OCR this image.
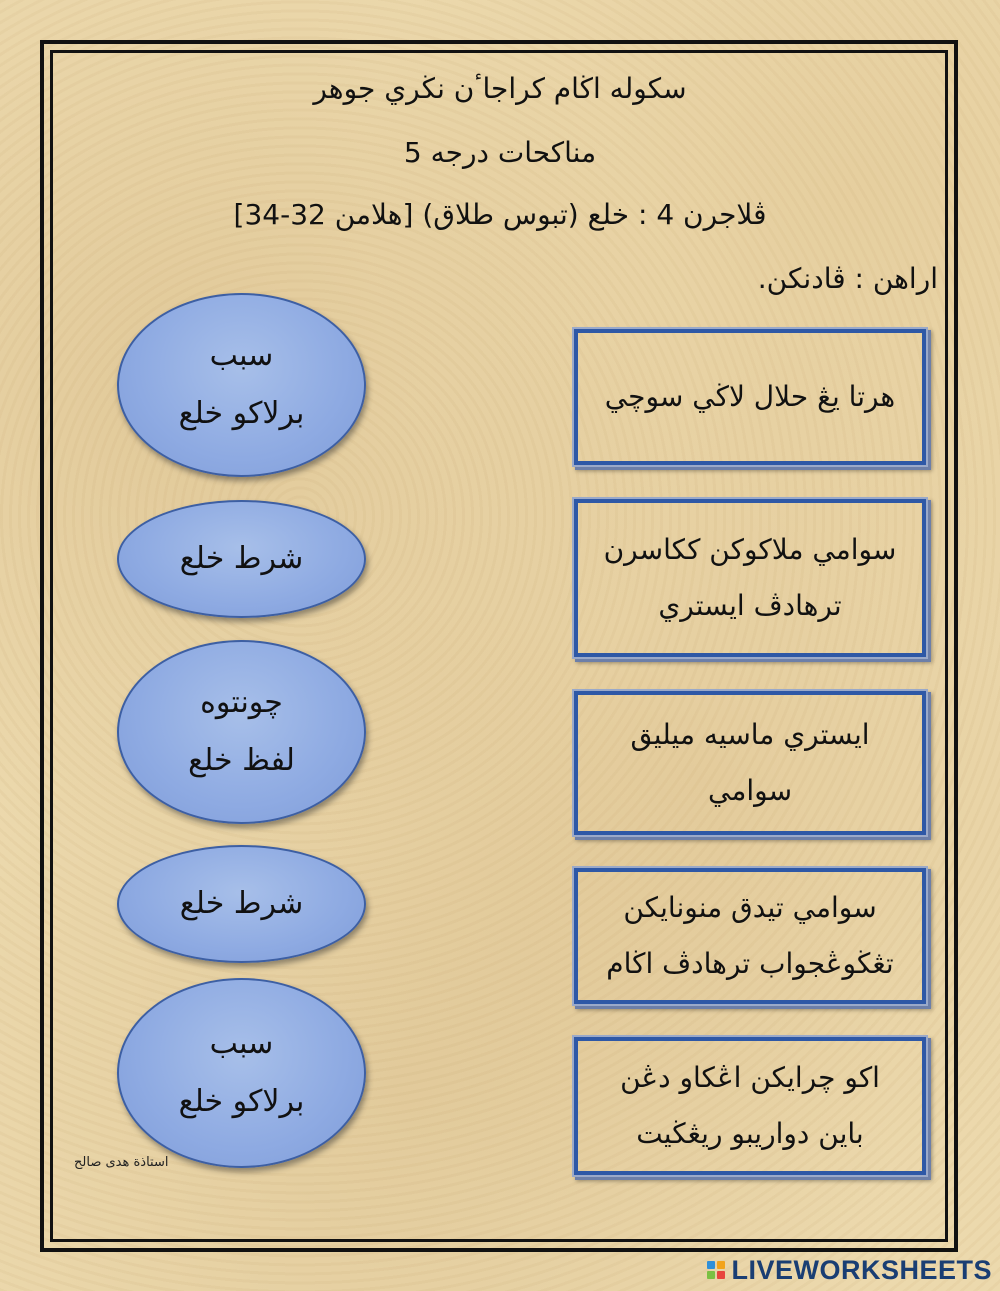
سکوله اڬام کراجاٴن نڬري جوهر
مناکحات درجه 5
ڤلاجرن 4 : خلع (تبوس طلاق) [هلامن 32-34]
اراهن : ڤادنکن.
سبب
برلاکو خلع
شرط خلع
چونتوه
لفظ خلع
شرط خلع
سبب
برلاکو خلع
هرتا يڠ حلال لاڬي سوچي
سوامي ملاکوکن ککاسرن
ترهادڤ ايستري
ايستري ماسيه ميليق
سوامي
سوامي تيدق منونايکن
تڠڬوڠجواب ترهادڤ اڬام
اکو چرايکن اڠکاو دڠن
باين دواريبو ريڠڬيت
استاذة هدى صالح
LIVEWORKSHEETS
